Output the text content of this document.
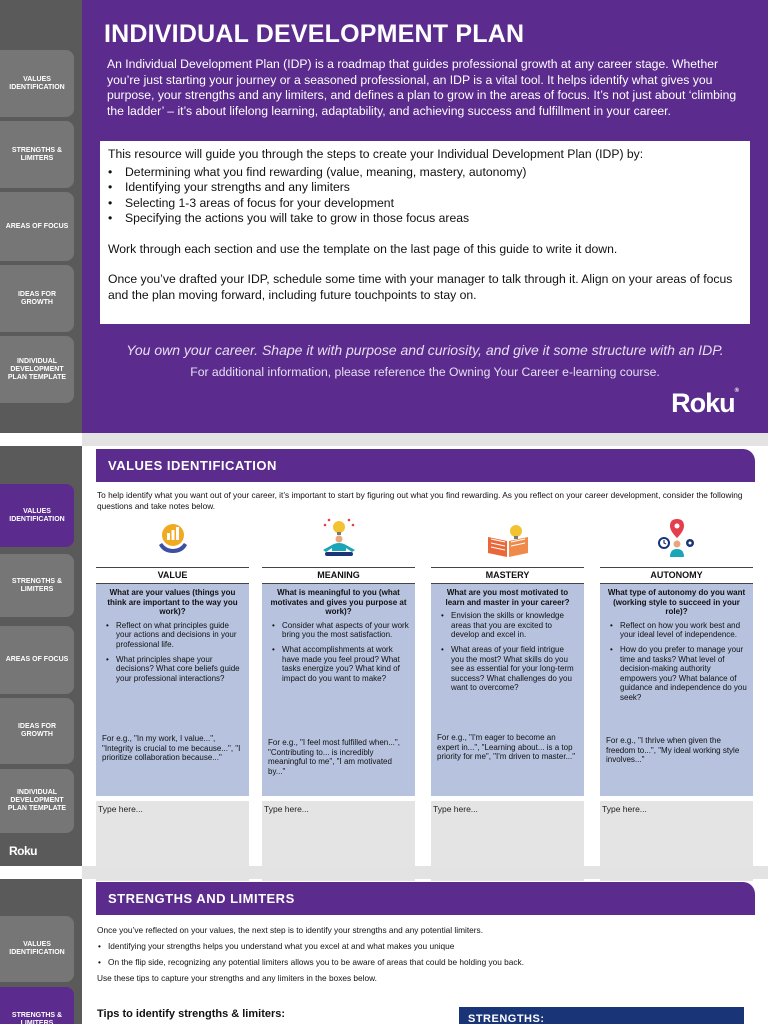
VALUES IDENTIFICATION
STRENGTHS & LIMITERS
AREAS OF FOCUS
IDEAS FOR GROWTH
INDIVIDUAL DEVELOPMENT PLAN TEMPLATE
INDIVIDUAL DEVELOPMENT PLAN

An Individual Development Plan (IDP) is a roadmap that guides professional growth at any career stage. Whether you’re just starting your journey or a seasoned professional, an IDP is a vital tool. It helps identify what gives you purpose, your strengths and any limiters, and defines a plan to grow in the areas of focus. It’s not just about ‘climbing the ladder’ – it’s about lifelong learning, adaptability, and achieving success and fulfillment in your career.

This resource will guide you through the steps to create your Individual Development Plan (IDP) by:

• Determining what you find rewarding (value, meaning, mastery, autonomy)
• Identifying your strengths and any limiters
• Selecting 1-3 areas of focus for your development
• Specifying the actions you will take to grow in those focus areas

Work through each section and use the template on the last page of this guide to write it down.

Once you’ve drafted your IDP, schedule some time with your manager to talk through it. Align on your areas of focus and the plan moving forward, including future touchpoints to stay on.

You own your career. Shape it with purpose and curiosity, and give it some structure with an IDP.
For additional information, please reference the Owning Your Career e-learning course.
Roku®
VALUES IDENTIFICATION
STRENGTHS & LIMITERS
AREAS OF FOCUS
IDEAS FOR GROWTH
INDIVIDUAL DEVELOPMENT PLAN TEMPLATE
Roku
VALUES IDENTIFICATION

To help identify what you want out of your career, it’s important to start by figuring out what you find rewarding. As you reflect on your career development, consider the following questions and take notes below.

VALUE
What are your values (things you think are important to the way you work)?
• Reflect on what principles guide your actions and decisions in your professional life.
• What principles shape your decisions? What core beliefs guide your professional interactions?
For e.g., "In my work, I value...", "Integrity is crucial to me because...", "I prioritize collaboration because..."
Type here...
MEANING
What is meaningful to you (what motivates and gives you purpose at work)?
• Consider what aspects of your work bring you the most satisfaction.
• What accomplishments at work have made you feel proud? What tasks energize you? What kind of impact do you want to make?
For e.g., "I feel most fulfilled when...", "Contributing to... is incredibly meaningful to me", "I am motivated by..."
Type here...
MASTERY
What are you most motivated to learn and master in your career?
• Envision the skills or knowledge areas that you are excited to develop and excel in.
• What areas of your field intrigue you the most? What skills do you see as essential for your long-term success? What challenges do you want to overcome?
For e.g., "I'm eager to become an expert in...", "Learning about... is a top priority for me", "I'm driven to master..."
Type here...
AUTONOMY
What type of autonomy do you want (working style to succeed in your role)?
• Reflect on how you work best and your ideal level of independence.
• How do you prefer to manage your time and tasks? What level of decision-making authority empowers you? What balance of guidance and independence do you seek?
For e.g., "I thrive when given the freedom to...", "My ideal working style involves..."
Type here...
VALUES IDENTIFICATION
STRENGTHS & LIMITERS
STRENGTHS AND LIMITERS

Once you’ve reflected on your values, the next step is to identify your strengths and any potential limiters.

• Identifying your strengths helps you understand what you excel at and what makes you unique
• On the flip side, recognizing any potential limiters allows you to be aware of areas that could be holding you back.

Use these tips to capture your strengths and any limiters in the boxes below.

Tips to identify strengths & limiters:	STRENGTHS:
